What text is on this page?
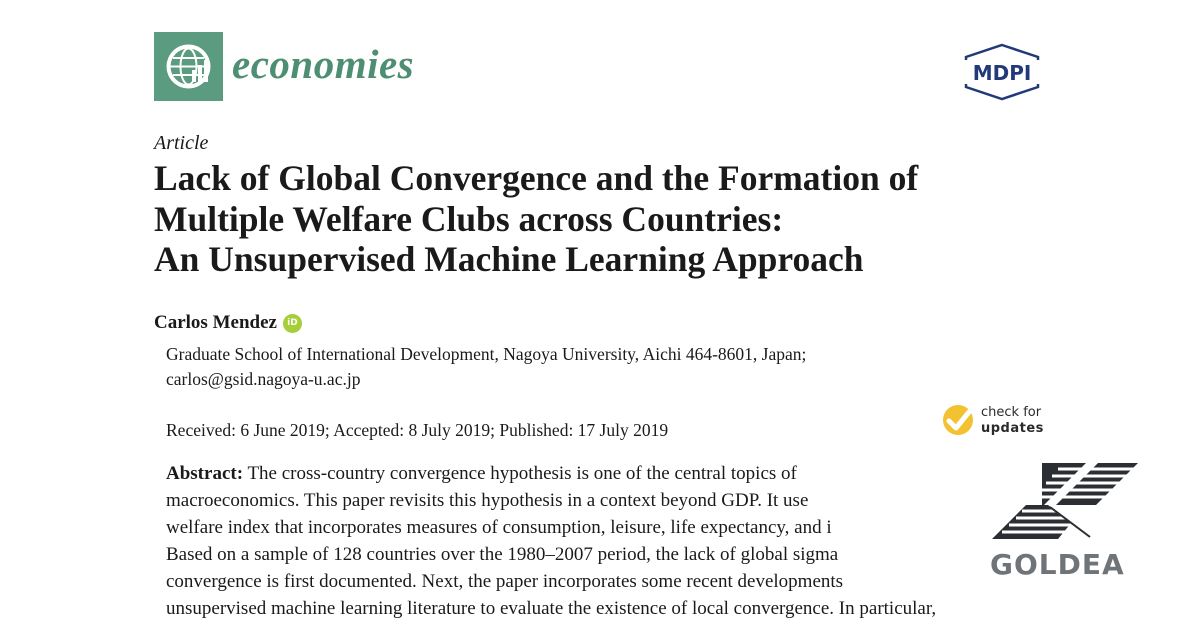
economies	MDPI
Article
Lack of Global Convergence and the Formation of
Multiple Welfare Clubs across Countries:
An Unsupervised Machine Learning Approach
Carlos Mendez	iD
Graduate School of International Development, Nagoya University, Aichi 464-8601, Japan;
carlos@gsid.nagoya-u.ac.jp
Received: 6 June 2019; Accepted: 8 July 2019; Published: 17 July 2019
check for
updates
Abstract: The cross-country convergence hypothesis is one of the central topics of
macroeconomics. This paper revisits this hypothesis in a context beyond GDP. It use
welfare index that incorporates measures of consumption, leisure, life expectancy, and i
Based on a sample of 128 countries over the 1980–2007 period, the lack of global sigma
convergence is first documented. Next, the paper incorporates some recent developments
unsupervised machine learning literature to evaluate the existence of local convergence. In particular,
GOLDEA
